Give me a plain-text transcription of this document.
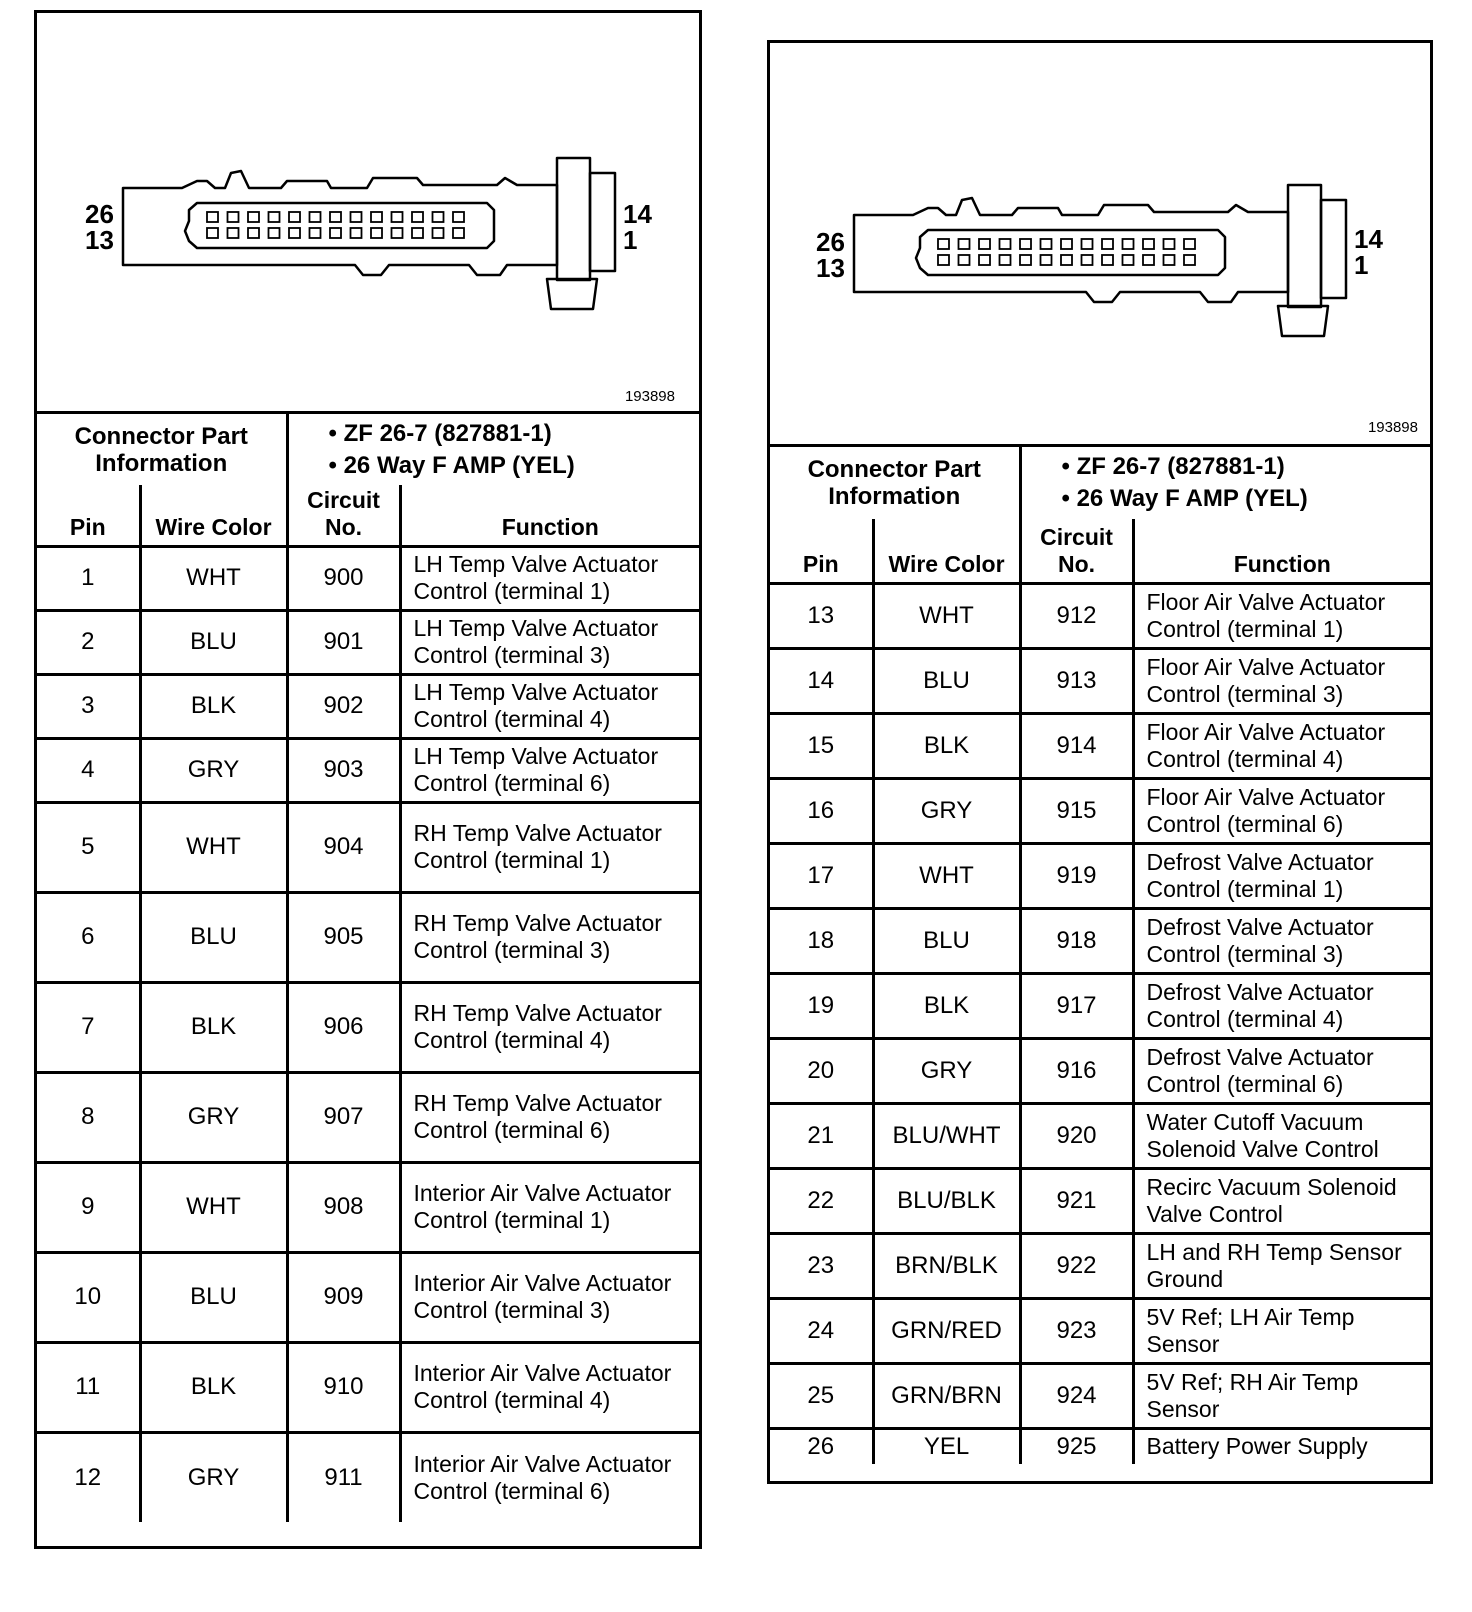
26
13
14
1
193898
Connector Part Information	
• ZF 26-7 (827881-1)
• 26 Way F AMP (YEL)
Pin	Wire Color	Circuit No.	Function
1	WHT	900	LH Temp Valve Actuator Control (terminal 1)
2	BLU	901	LH Temp Valve Actuator Control (terminal 3)
3	BLK	902	LH Temp Valve Actuator Control (terminal 4)
4	GRY	903	LH Temp Valve Actuator Control (terminal 6)
5	WHT	904	RH Temp Valve Actuator Control (terminal 1)
6	BLU	905	RH Temp Valve Actuator Control (terminal 3)
7	BLK	906	RH Temp Valve Actuator Control (terminal 4)
8	GRY	907	RH Temp Valve Actuator Control (terminal 6)
9	WHT	908	Interior Air Valve Actuator Control (terminal 1)
10	BLU	909	Interior Air Valve Actuator Control (terminal 3)
11	BLK	910	Interior Air Valve Actuator Control (terminal 4)
12	GRY	911	Interior Air Valve Actuator Control (terminal 6)
26
13
14
1
193898
Connector Part Information	
• ZF 26-7 (827881-1)
• 26 Way F AMP (YEL)
Pin	Wire Color	Circuit No.	Function
13	WHT	912	Floor Air Valve Actuator Control (terminal 1)
14	BLU	913	Floor Air Valve Actuator Control (terminal 3)
15	BLK	914	Floor Air Valve Actuator Control (terminal 4)
16	GRY	915	Floor Air Valve Actuator Control (terminal 6)
17	WHT	919	Defrost Valve Actuator Control (terminal 1)
18	BLU	918	Defrost Valve Actuator Control (terminal 3)
19	BLK	917	Defrost Valve Actuator Control (terminal 4)
20	GRY	916	Defrost Valve Actuator Control (terminal 6)
21	BLU/WHT	920	Water Cutoff Vacuum Solenoid Valve Control
22	BLU/BLK	921	Recirc Vacuum Solenoid Valve Control
23	BRN/BLK	922	LH and RH Temp Sensor Ground
24	GRN/RED	923	5V Ref; LH Air Temp Sensor
25	GRN/BRN	924	5V Ref; RH Air Temp Sensor
26	YEL	925	Battery Power Supply
